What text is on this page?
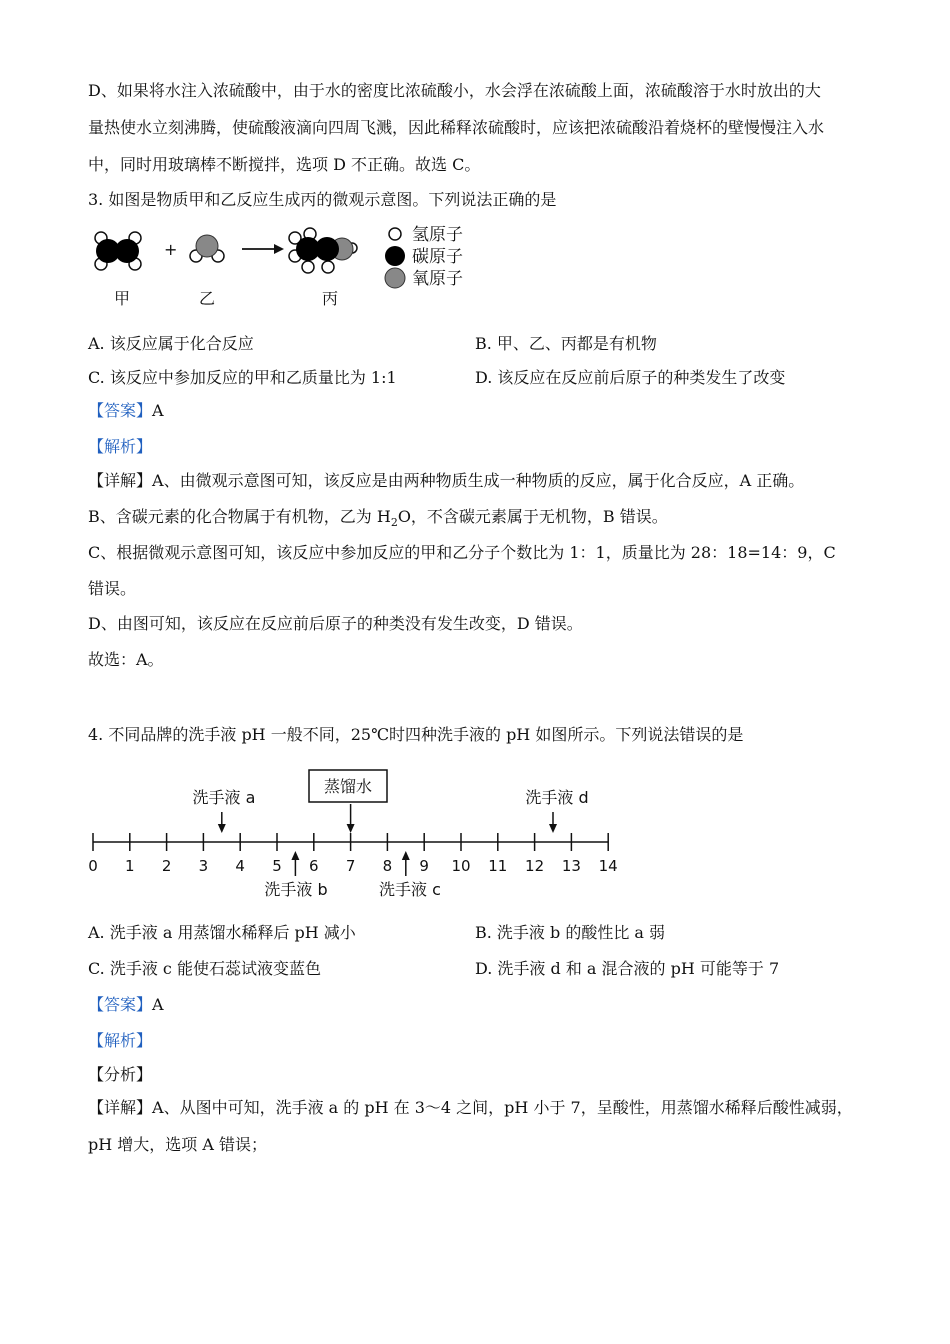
D、如果将水注入浓硫酸中，由于水的密度比浓硫酸小，水会浮在浓硫酸上面，浓硫酸溶于水时放出的大
量热使水立刻沸腾，使硫酸液滴向四周飞溅，因此稀释浓硫酸时，应该把浓硫酸沿着烧杯的壁慢慢注入水
中，同时用玻璃棒不断搅拌，选项 D 不正确。故选 C。
3. 如图是物质甲和乙反应生成丙的微观示意图。下列说法正确的是
+
氢原子
碳原子
氧原子
甲	乙	丙
A. 该反应属于化合反应	B. 甲、乙、丙都是有机物
C. 该反应中参加反应的甲和乙质量比为 1:1	D. 该反应在反应前后原子的种类发生了改变
【答案】A
【解析】
【详解】A、由微观示意图可知，该反应是由两种物质生成一种物质的反应，属于化合反应，A 正确。
B、含碳元素的化合物属于有机物，乙为 $H_2O$，不含碳元素属于无机物，B 错误。
C、根据微观示意图可知，该反应中参加反应的甲和乙分子个数比为 1：1，质量比为 28：18=14：9，C
错误。
D、由图可知，该反应在反应前后原子的种类没有发生改变，D 错误。
故选：A。
4. 不同品牌的洗手液 pH 一般不同，25℃时四种洗手液的 pH 如图所示。下列说法错误的是
蒸馏水
洗手液 a	洗手液 d
洗手液 b	洗手液 c
0 1 2 3 4 5 6 7 8 9 10 11 12 13 14
A. 洗手液 a 用蒸馏水稀释后 pH 减小	B. 洗手液 b 的酸性比 a 弱
C. 洗手液 c 能使石蕊试液变蓝色	D. 洗手液 d 和 a 混合液的 pH 可能等于 7
【答案】A
【解析】
【分析】
【详解】A、从图中可知，洗手液 a 的 pH 在 3～4 之间，pH 小于 7，呈酸性，用蒸馏水稀释后酸性减弱，
pH 增大，选项 A 错误；
